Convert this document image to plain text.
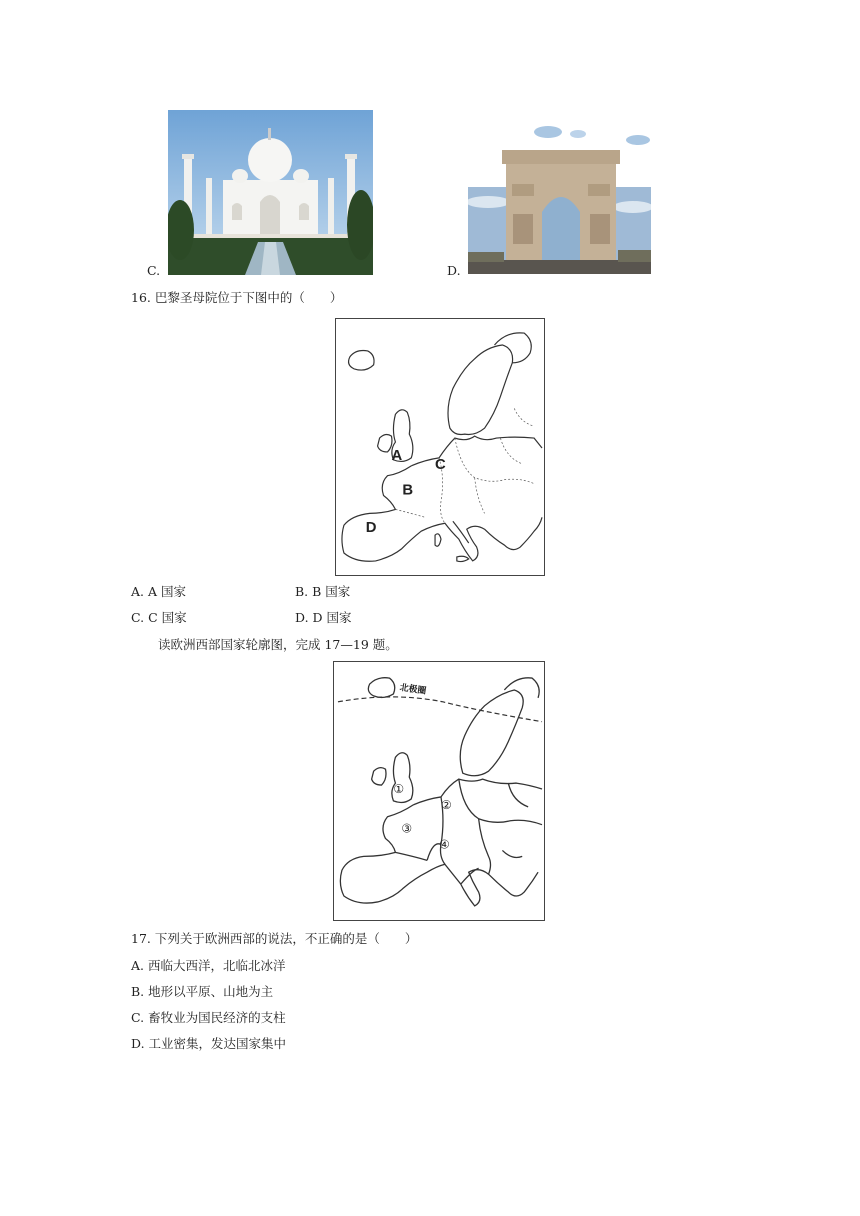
C.	D.
16. 巴黎圣母院位于下图中的（　　）
A
B
C
D
A. A 国家	B. B 国家
C. C 国家	D. D 国家
读欧洲西部国家轮廓图，完成 17—19 题。
北极圈
①
②
③
④
17. 下列关于欧洲西部的说法，不正确的是（　　）
A. 西临大西洋，北临北冰洋
B. 地形以平原、山地为主
C. 畜牧业为国民经济的支柱
D. 工业密集，发达国家集中
